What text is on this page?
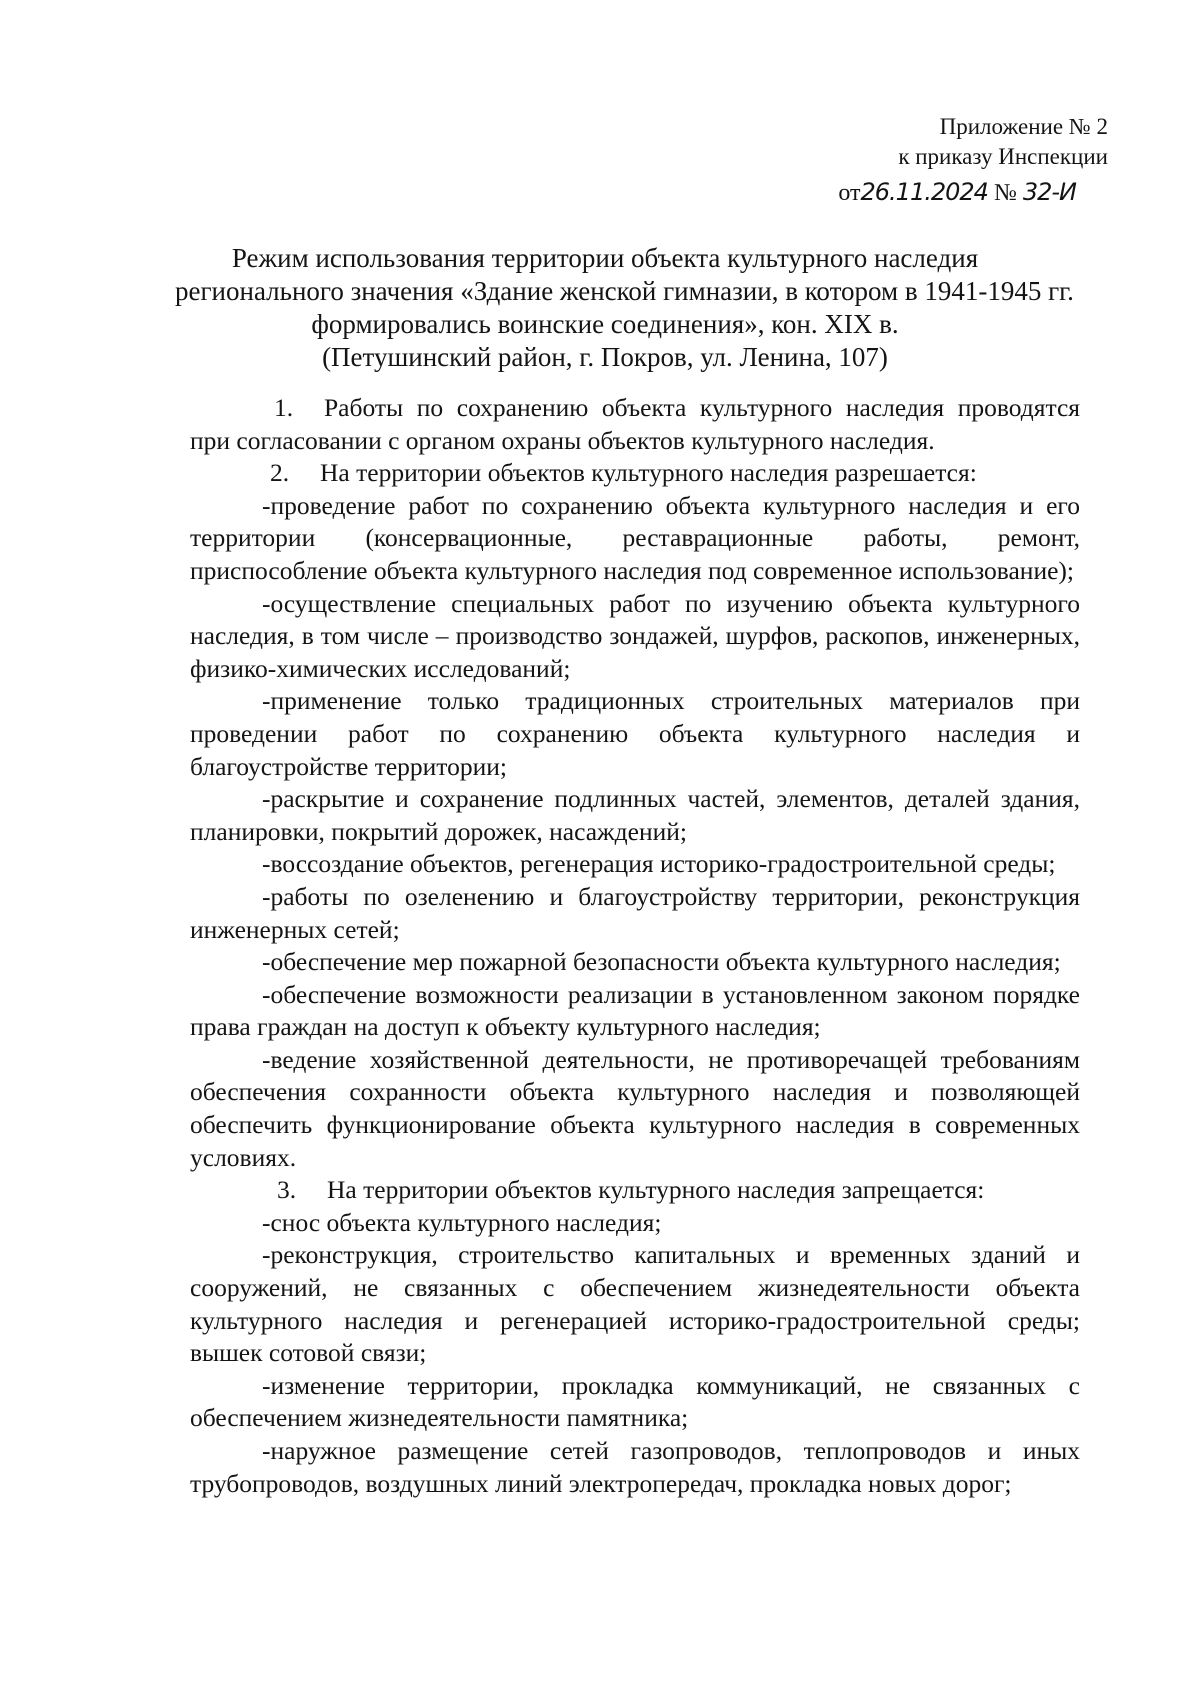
Приложение № 2
к приказу Инспекции
от26.11.2024 № 32-И
Режим использования территории объекта культурного наследия
регионального значения «Здание женской гимназии, в котором в 1941-1945 гг.
формировались воинские соединения», кон. XIX в.
(Петушинский район, г. Покров, ул. Ленина, 107)

1. Работы по сохранению объекта культурного наследия проводятся при согласовании с органом охраны объектов культурного наследия.

2. На территории объектов культурного наследия разрешается:

-проведение работ по сохранению объекта культурного наследия и его территории (консервационные, реставрационные работы, ремонт, приспособление объекта культурного наследия под современное использование);

-осуществление специальных работ по изучению объекта культурного наследия, в том числе – производство зондажей, шурфов, раскопов, инженерных, физико-химических исследований;

-применение только традиционных строительных материалов при проведении работ по сохранению объекта культурного наследия и благоустройстве территории;

-раскрытие и сохранение подлинных частей, элементов, деталей здания, планировки, покрытий дорожек, насаждений;

-воссоздание объектов, регенерация историко-градостроительной среды;

-работы по озеленению и благоустройству территории, реконструкция инженерных сетей;

-обеспечение мер пожарной безопасности объекта культурного наследия;

-обеспечение возможности реализации в установленном законом порядке права граждан на доступ к объекту культурного наследия;

-ведение хозяйственной деятельности, не противоречащей требованиям обеспечения сохранности объекта культурного наследия и позволяющей обеспечить функционирование объекта культурного наследия в современных условиях.

3. На территории объектов культурного наследия запрещается:

-снос объекта культурного наследия;

-реконструкция, строительство капитальных и временных зданий и сооружений, не связанных с обеспечением жизнедеятельности объекта культурного наследия и регенерацией историко-градостроительной среды; вышек сотовой связи;

-изменение территории, прокладка коммуникаций, не связанных с обеспечением жизнедеятельности памятника;

-наружное размещение сетей газопроводов, теплопроводов и иных трубопроводов, воздушных линий электропередач, прокладка новых дорог;
